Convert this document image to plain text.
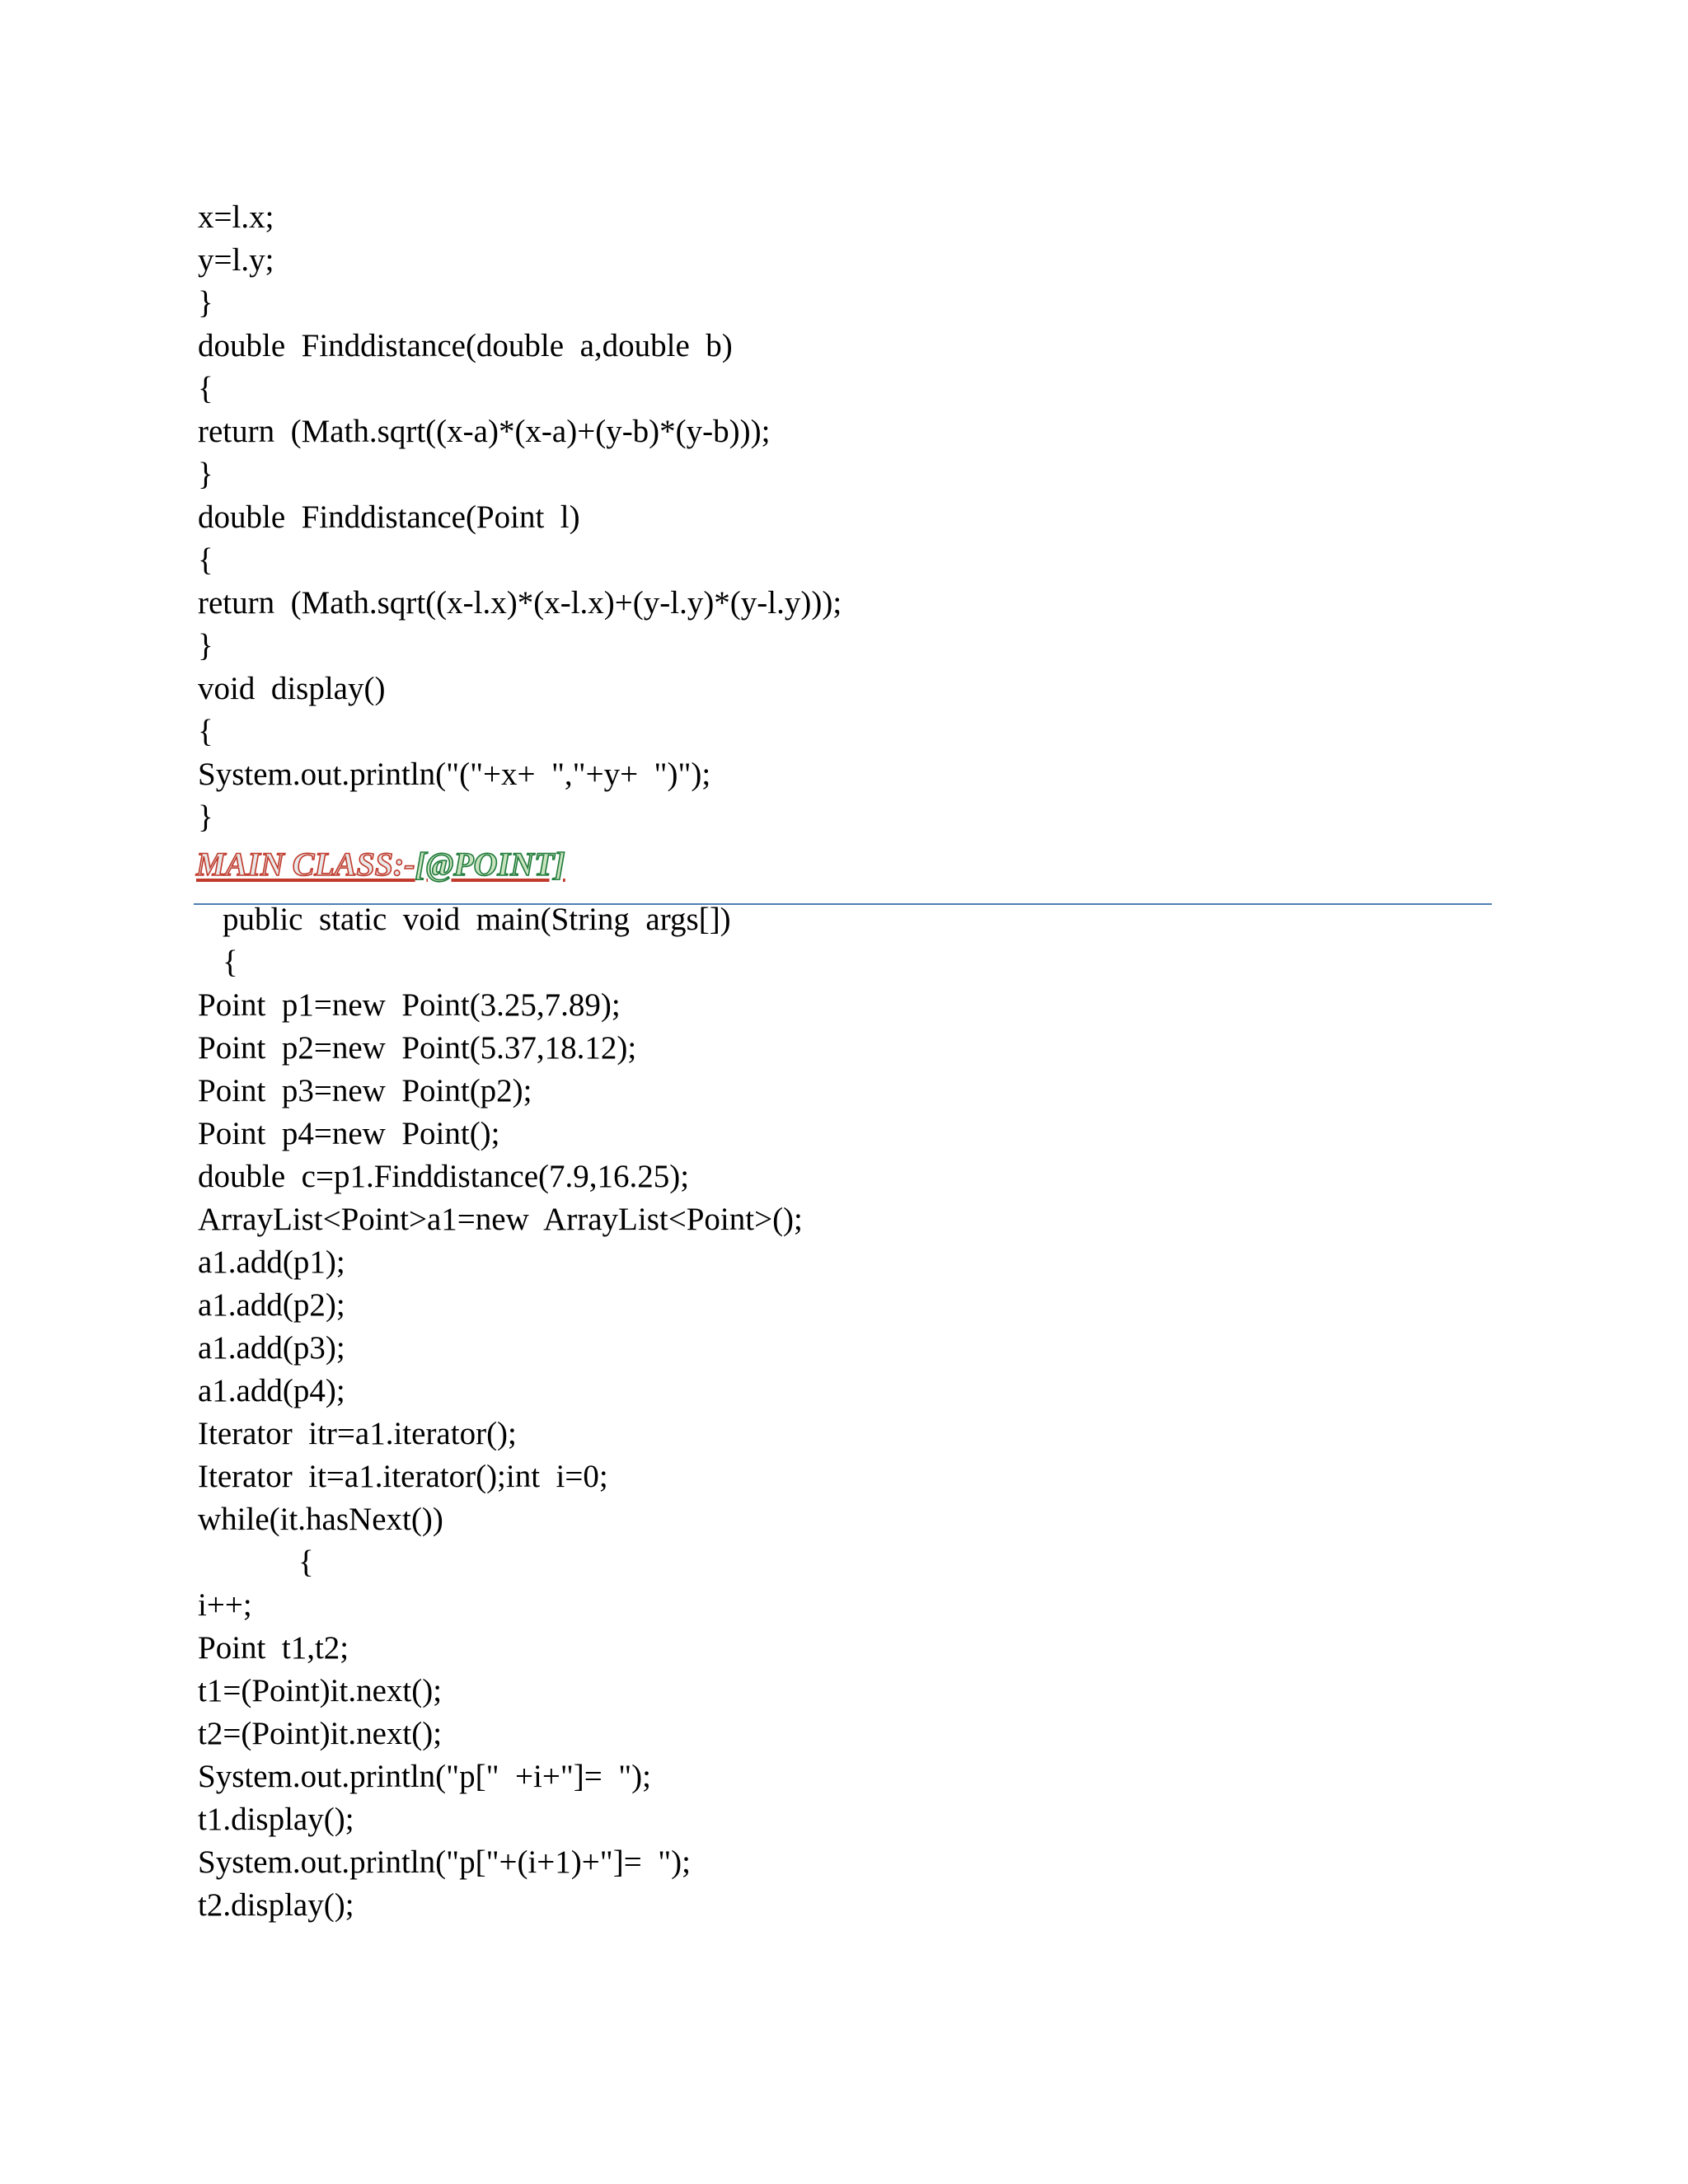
x=l.x;
y=l.y;
}
double  Finddistance(double  a,double  b)
{
return  (Math.sqrt((x-a)*(x-a)+(y-b)*(y-b)));
}
double  Finddistance(Point  l)
{
return  (Math.sqrt((x-l.x)*(x-l.x)+(y-l.y)*(y-l.y)));
}
void  display()
{
System.out.println("("+x+  ","+y+  ")");
}
MAIN CLASS:-[@POINT]
public  static  void  main(String  args[])
{
Point  p1=new  Point(3.25,7.89);
Point  p2=new  Point(5.37,18.12);
Point  p3=new  Point(p2);
Point  p4=new  Point();
double  c=p1.Finddistance(7.9,16.25);
ArrayList<Point>a1=new  ArrayList<Point>();
a1.add(p1);
a1.add(p2);
a1.add(p3);
a1.add(p4);
Iterator  itr=a1.iterator();
Iterator  it=a1.iterator();int  i=0;
while(it.hasNext())
{
i++;
Point  t1,t2;
t1=(Point)it.next();
t2=(Point)it.next();
System.out.println("p["  +i+"]=  ");
t1.display();
System.out.println("p["+(i+1)+"]=  ");
t2.display();
